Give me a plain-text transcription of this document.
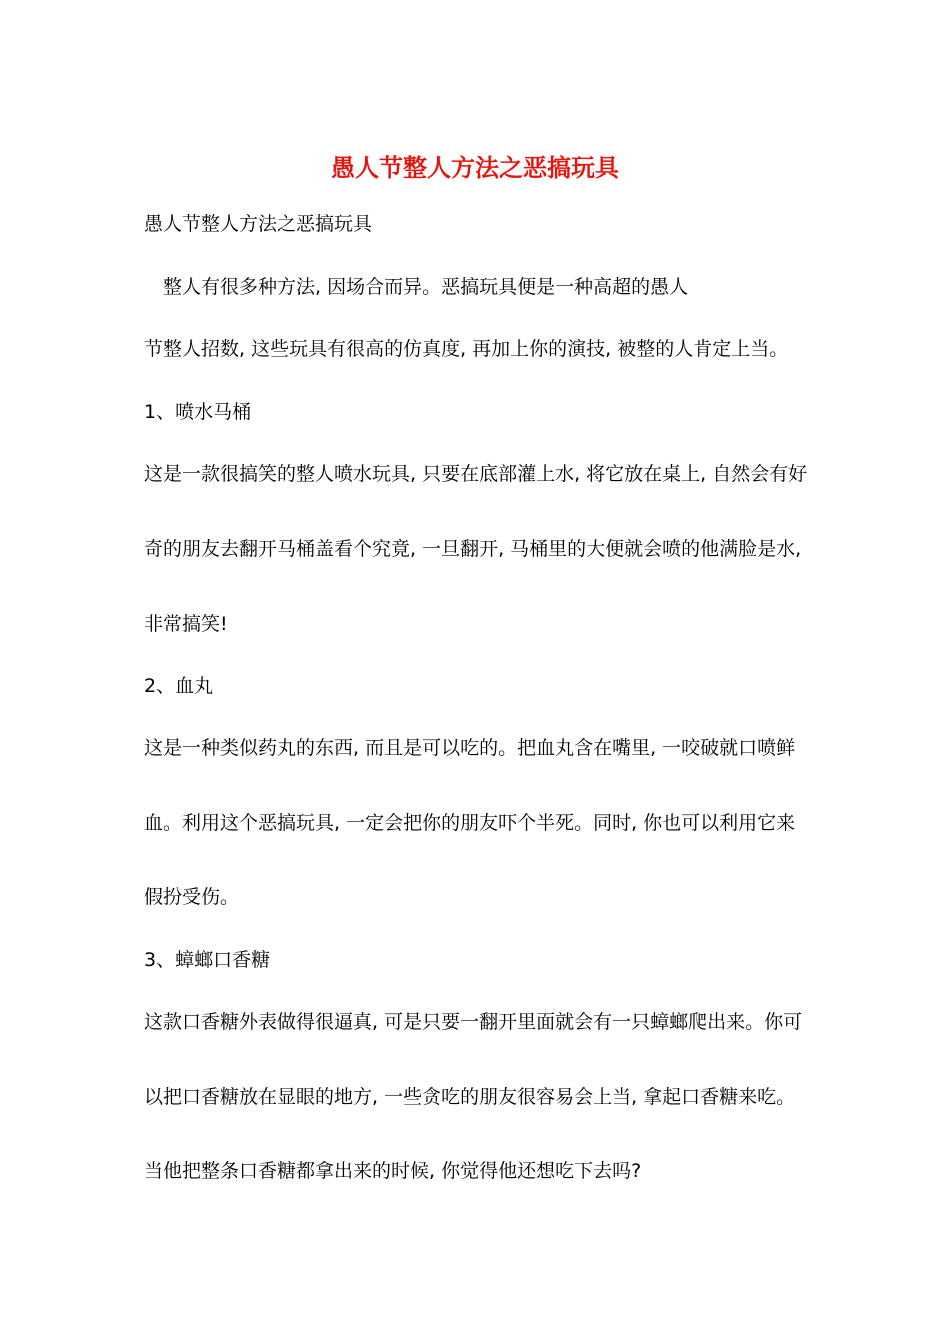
愚人节整人方法之恶搞玩具
愚人节整人方法之恶搞玩具
整人有很多种方法, 因场合而异。恶搞玩具便是一种高超的愚人
节整人招数, 这些玩具有很高的仿真度, 再加上你的演技, 被整的人肯定上当。
1、喷水马桶
这是一款很搞笑的整人喷水玩具, 只要在底部灌上水, 将它放在桌上, 自然会有好
奇的朋友去翻开马桶盖看个究竟, 一旦翻开, 马桶里的大便就会喷的他满脸是水,
非常搞笑!
2、血丸
这是一种类似药丸的东西, 而且是可以吃的。把血丸含在嘴里, 一咬破就口喷鲜
血。利用这个恶搞玩具, 一定会把你的朋友吓个半死。同时, 你也可以利用它来
假扮受伤。
3、蟑螂口香糖
这款口香糖外表做得很逼真, 可是只要一翻开里面就会有一只蟑螂爬出来。你可
以把口香糖放在显眼的地方, 一些贪吃的朋友很容易会上当, 拿起口香糖来吃。
当他把整条口香糖都拿出来的时候, 你觉得他还想吃下去吗?
